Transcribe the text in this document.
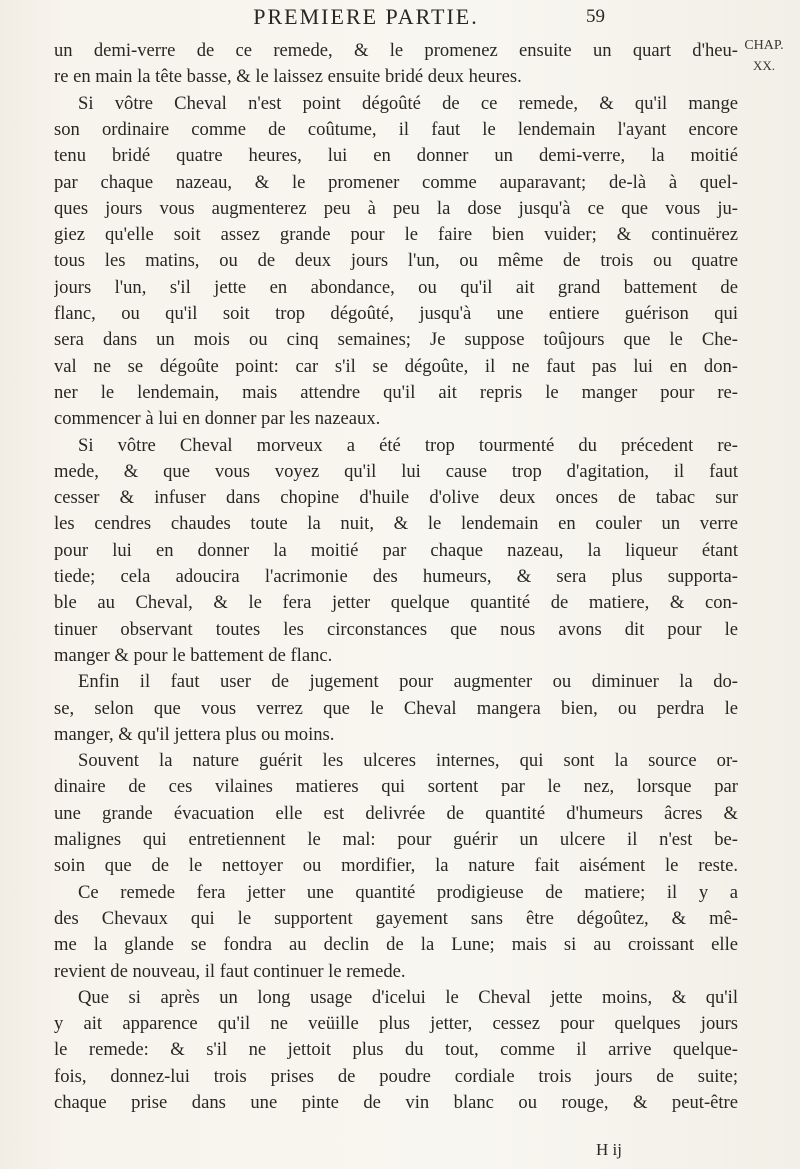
PREMIERE PARTIE.	59
CHAP.
XX.
un demi-verre de ce remede, & le promenez ensuite un quart d'heu-
re en main la tête basse, & le laissez ensuite bridé deux heures.
Si vôtre Cheval n'est point dégoûté de ce remede, & qu'il mange
son ordinaire comme de coûtume, il faut le lendemain l'ayant encore
tenu bridé quatre heures, lui en donner un demi-verre, la moitié
par chaque nazeau, & le promener comme auparavant; de-là à quel-
ques jours vous augmenterez peu à peu la dose jusqu'à ce que vous ju-
giez qu'elle soit assez grande pour le faire bien vuider; & continuërez
tous les matins, ou de deux jours l'un, ou même de trois ou quatre
jours l'un, s'il jette en abondance, ou qu'il ait grand battement de
flanc, ou qu'il soit trop dégoûté, jusqu'à une entiere guérison qui
sera dans un mois ou cinq semaines; Je suppose toûjours que le Che-
val ne se dégoûte point: car s'il se dégoûte, il ne faut pas lui en don-
ner le lendemain, mais attendre qu'il ait repris le manger pour re-
commencer à lui en donner par les nazeaux.
Si vôtre Cheval morveux a été trop tourmenté du précedent re-
mede, & que vous voyez qu'il lui cause trop d'agitation, il faut
cesser & infuser dans chopine d'huile d'olive deux onces de tabac sur
les cendres chaudes toute la nuit, & le lendemain en couler un verre
pour lui en donner la moitié par chaque nazeau, la liqueur étant
tiede; cela adoucira l'acrimonie des humeurs, & sera plus supporta-
ble au Cheval, & le fera jetter quelque quantité de matiere, & con-
tinuer observant toutes les circonstances que nous avons dit pour le
manger & pour le battement de flanc.
Enfin il faut user de jugement pour augmenter ou diminuer la do-
se, selon que vous verrez que le Cheval mangera bien, ou perdra le
manger, & qu'il jettera plus ou moins.
Souvent la nature guérit les ulceres internes, qui sont la source or-
dinaire de ces vilaines matieres qui sortent par le nez, lorsque par
une grande évacuation elle est delivrée de quantité d'humeurs âcres &
malignes qui entretiennent le mal: pour guérir un ulcere il n'est be-
soin que de le nettoyer ou mordifier, la nature fait aisément le reste.
Ce remede fera jetter une quantité prodigieuse de matiere; il y a
des Chevaux qui le supportent gayement sans être dégoûtez, & mê-
me la glande se fondra au declin de la Lune; mais si au croissant elle
revient de nouveau, il faut continuer le remede.
Que si après un long usage d'icelui le Cheval jette moins, & qu'il
y ait apparence qu'il ne veüille plus jetter, cessez pour quelques jours
le remede: & s'il ne jettoit plus du tout, comme il arrive quelque-
fois, donnez-lui trois prises de poudre cordiale trois jours de suite;
chaque prise dans une pinte de vin blanc ou rouge, & peut-être
H ij
